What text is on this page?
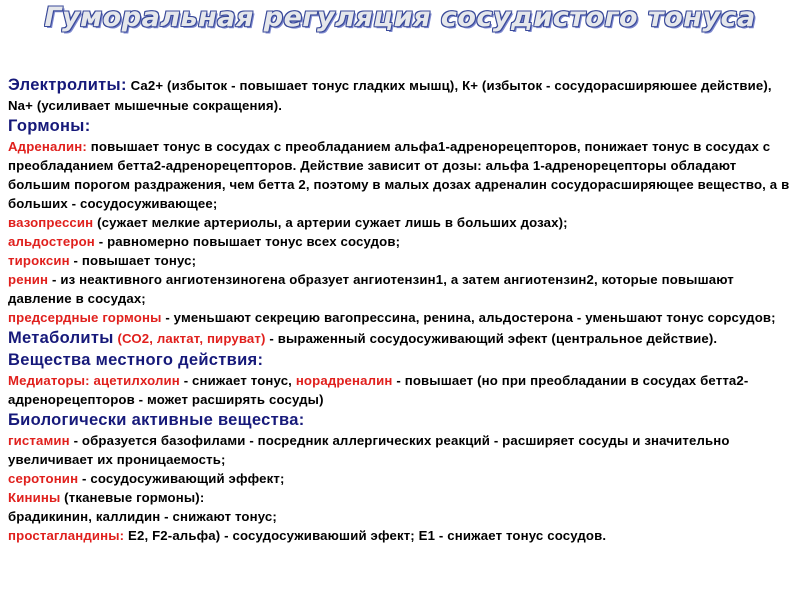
Гуморальная регуляция сосудистого тонуса

Электролиты: Са2+ (избыток - повышает тонус гладких мышц), К+ (избыток - сосудорасширяюшее действие), Nа+ (усиливает мышечные сокращения).

Гормоны:

Адреналин: повышает тонус в сосудах с преобладанием альфа1-адренорецепторов, понижает тонус в сосудах с преобладанием бетта2-адренорецепторов. Действие зависит от дозы: альфа 1-адренорецепторы обладают большим порогом раздражения, чем бетта 2, поэтому в малых дозах адреналин сосудорасширяющее вещество, а в больших - сосудосуживающее;

вазопрессин (сужает мелкие артериолы, а артерии сужает лишь в больших дозах);

альдостерон - равномерно повышает тонус всех сосудов;

тироксин - повышает тонус;

ренин - из неактивного ангиотензиногена образует ангиотензин1, а затем ангиотензин2, которые повышают давление в сосудах;

предсердные гормоны - уменьшают секрецию вагопрессина, ренина, альдостерона - уменьшают тонус сорсудов;

Метаболиты (СО2, лактат, пируват) - выраженный сосудосуживающий эфект (центральное действие).

Вещества местного действия:

Медиаторы: ацетилхолин - снижает тонус, норадреналин - повышает (но при преобладании в сосудах бетта2-адренорецепторов - может расширять сосуды)

Биологически активные вещества:

гистамин - образуется базофилами - посредник аллергических реакций - расширяет сосуды и значительно увеличивает их проницаемость;

серотонин - сосудосуживающий эффект;

Кинины (тканевые гормоны):

брадикинин, каллидин - снижают тонус;

простагландины: Е2, F2-альфа) - сосудосуживаюший эфект; Е1 - снижает тонус сосудов.
